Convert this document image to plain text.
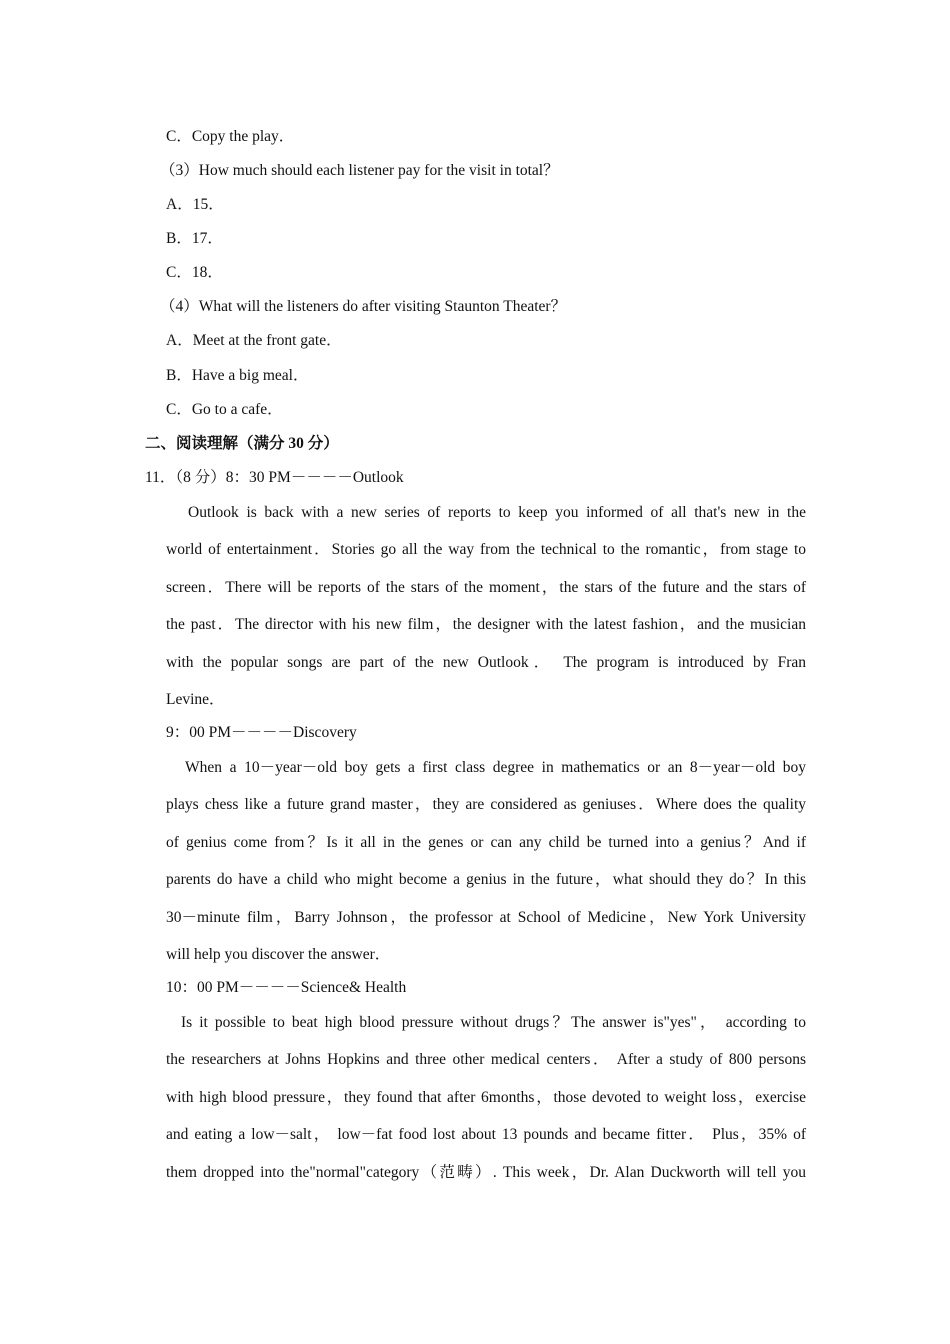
C．Copy the play．
（3）How much should each listener pay for the visit in total？
A．15．
B．17．
C．18．
（4）What will the listeners do after visiting Staunton Theater？
A．Meet at the front gate．
B．Have a big meal．
C．Go to a cafe．
二、阅读理解（满分 30 分）
11．（8 分）8：30 PM－－－－Outlook
Outlook is back with a new series of reports to keep you informed of all that's new in the
world of entertainment．Stories go all the way from the technical to the romantic，from stage to
screen．There will be reports of the stars of the moment，the stars of the future and the stars of
the past．The director with his new film，the designer with the latest fashion，and the musician
with the popular songs are part of the new Outlook． The program is introduced by Fran
Levine．
9：00 PM－－－－Discovery
When a 10－year－old boy gets a first class degree in mathematics or an 8－year－old boy
plays chess like a future grand master，they are considered as geniuses．Where does the quality
of genius come from？Is it all in the genes or can any child be turned into a genius？And if
parents do have a child who might become a genius in the future，what should they do？In this
30－minute film，Barry Johnson，the professor at School of Medicine，New York University
will help you discover the answer．
10：00 PM－－－－Science& Health
Is it possible to beat high blood pressure without drugs？The answer is"yes"， according to
the researchers at Johns Hopkins and three other medical centers． After a study of 800 persons
with high blood pressure，they found that after 6months，those devoted to weight loss，exercise
and eating a low－salt， low－fat food lost about 13 pounds and became fitter． Plus，35% of
them dropped into the"normal"category（范畴）. This week，Dr. Alan Duckworth will tell you
